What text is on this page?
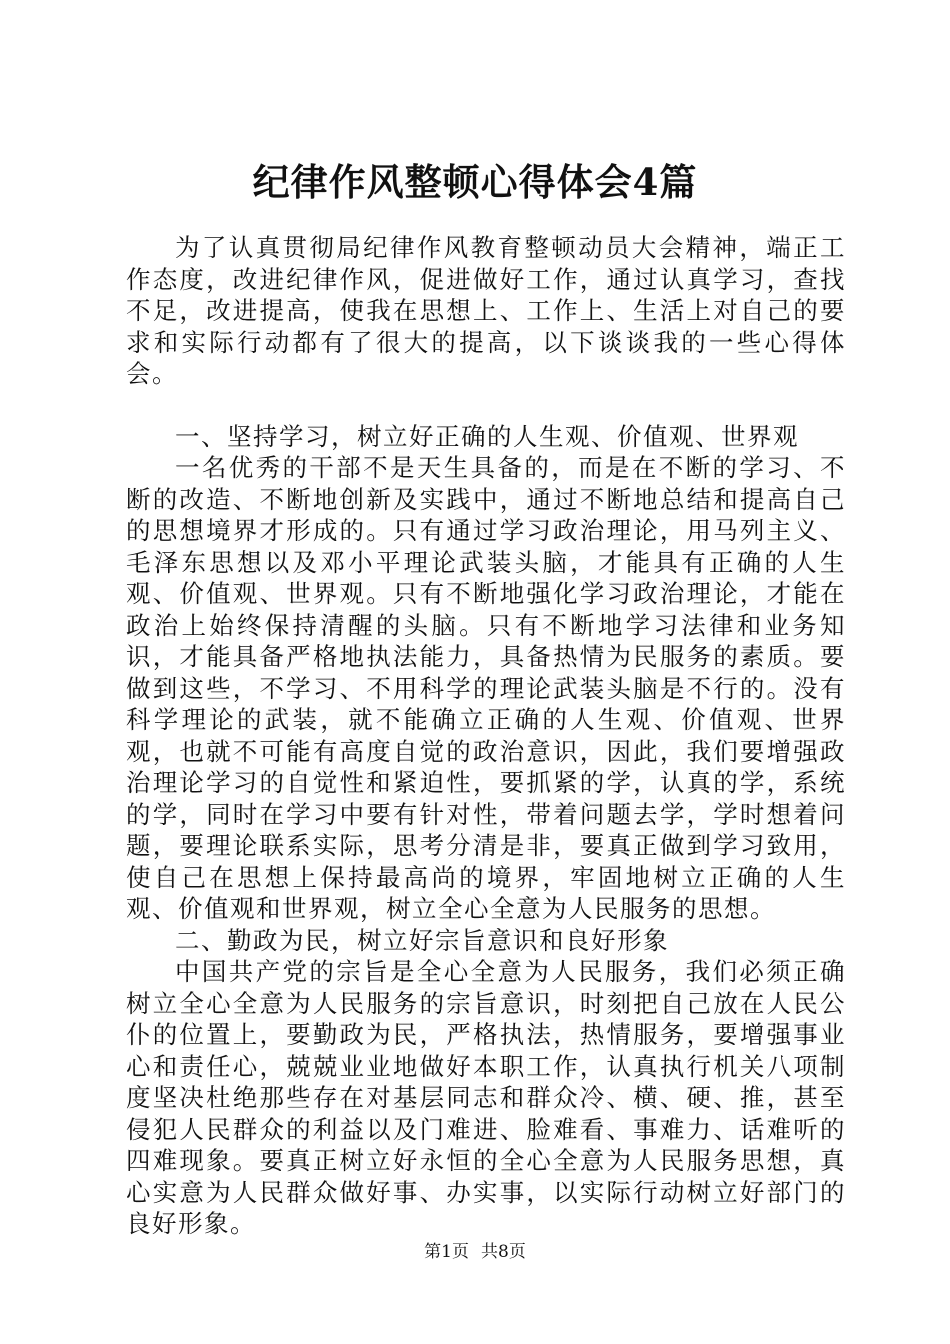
纪律作风整顿心得体会4篇

为了认真贯彻局纪律作风教育整顿动员大会精神，端正工作态度，改进纪律作风，促进做好工作，通过认真学习，查找不足，改进提高，使我在思想上、工作上、生活上对自己的要求和实际行动都有了很大的提高，以下谈谈我的一些心得体会。

一、坚持学习，树立好正确的人生观、价值观、世界观

一名优秀的干部不是天生具备的，而是在不断的学习、不断的改造、不断地创新及实践中，通过不断地总结和提高自己的思想境界才形成的。只有通过学习政治理论，用马列主义、毛泽东思想以及邓小平理论武装头脑，才能具有正确的人生观、价值观、世界观。只有不断地强化学习政治理论，才能在政治上始终保持清醒的头脑。只有不断地学习法律和业务知识，才能具备严格地执法能力，具备热情为民服务的素质。要做到这些，不学习、不用科学的理论武装头脑是不行的。没有科学理论的武装，就不能确立正确的人生观、价值观、世界观，也就不可能有高度自觉的政治意识，因此，我们要增强政治理论学习的自觉性和紧迫性，要抓紧的学，认真的学，系统的学，同时在学习中要有针对性，带着问题去学，学时想着问题，要理论联系实际，思考分清是非，要真正做到学习致用，使自己在思想上保持最高尚的境界，牢固地树立正确的人生观、价值观和世界观，树立全心全意为人民服务的思想。

二、勤政为民，树立好宗旨意识和良好形象

中国共产党的宗旨是全心全意为人民服务，我们必须正确树立全心全意为人民服务的宗旨意识，时刻把自己放在人民公仆的位置上，要勤政为民，严格执法，热情服务，要增强事业心和责任心，兢兢业业地做好本职工作，认真执行机关八项制度坚决杜绝那些存在对基层同志和群众冷、横、硬、推，甚至侵犯人民群众的利益以及门难进、脸难看、事难力、话难听的四难现象。要真正树立好永恒的全心全意为人民服务思想，真心实意为人民群众做好事、办实事，以实际行动树立好部门的良好形象。

第1页 共8页
